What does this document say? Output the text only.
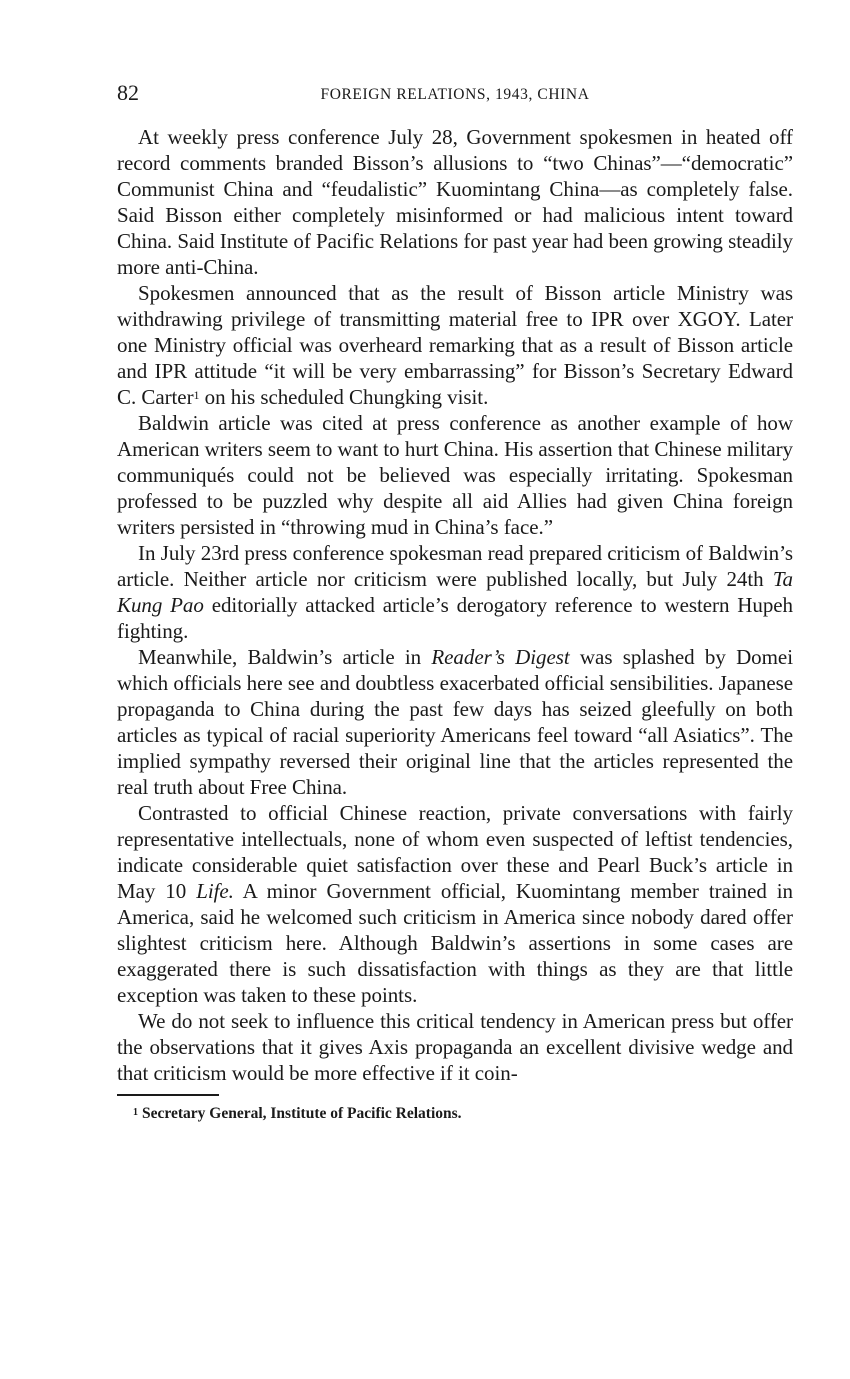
82	FOREIGN RELATIONS, 1943, CHINA

At weekly press conference July 28, Government spokesmen in heated off record comments branded Bisson’s allusions to “two Chinas”—“democratic” Communist China and “feudalistic” Kuomintang China—as completely false. Said Bisson either completely misinformed or had malicious intent toward China. Said Institute of Pacific Relations for past year had been growing steadily more anti-China.

Spokesmen announced that as the result of Bisson article Ministry was withdrawing privilege of transmitting material free to IPR over XGOY. Later one Ministry official was overheard remarking that as a result of Bisson article and IPR attitude “it will be very embarrassing” for Bisson’s Secretary Edward C. Carter$^1$ on his scheduled Chungking visit.

Baldwin article was cited at press conference as another example of how American writers seem to want to hurt China. His assertion that Chinese military communiqués could not be believed was especially irritating. Spokesman professed to be puzzled why despite all aid Allies had given China foreign writers persisted in “throwing mud in China’s face.”

In July 23rd press conference spokesman read prepared criticism of Baldwin’s article. Neither article nor criticism were published locally, but July 24th Ta Kung Pao editorially attacked article’s derogatory reference to western Hupeh fighting.

Meanwhile, Baldwin’s article in Reader’s Digest was splashed by Domei which officials here see and doubtless exacerbated official sensibilities. Japanese propaganda to China during the past few days has seized gleefully on both articles as typical of racial superiority Americans feel toward “all Asiatics”. The implied sympathy reversed their original line that the articles represented the real truth about Free China.

Contrasted to official Chinese reaction, private conversations with fairly representative intellectuals, none of whom even suspected of leftist tendencies, indicate considerable quiet satisfaction over these and Pearl Buck’s article in May 10 Life. A minor Government official, Kuomintang member trained in America, said he welcomed such criticism in America since nobody dared offer slightest criticism here. Although Baldwin’s assertions in some cases are exaggerated there is such dissatisfaction with things as they are that little exception was taken to these points.

We do not seek to influence this critical tendency in American press but offer the observations that it gives Axis propaganda an excellent divisive wedge and that criticism would be more effective if it coin-

$^1$ Secretary General, Institute of Pacific Relations.
